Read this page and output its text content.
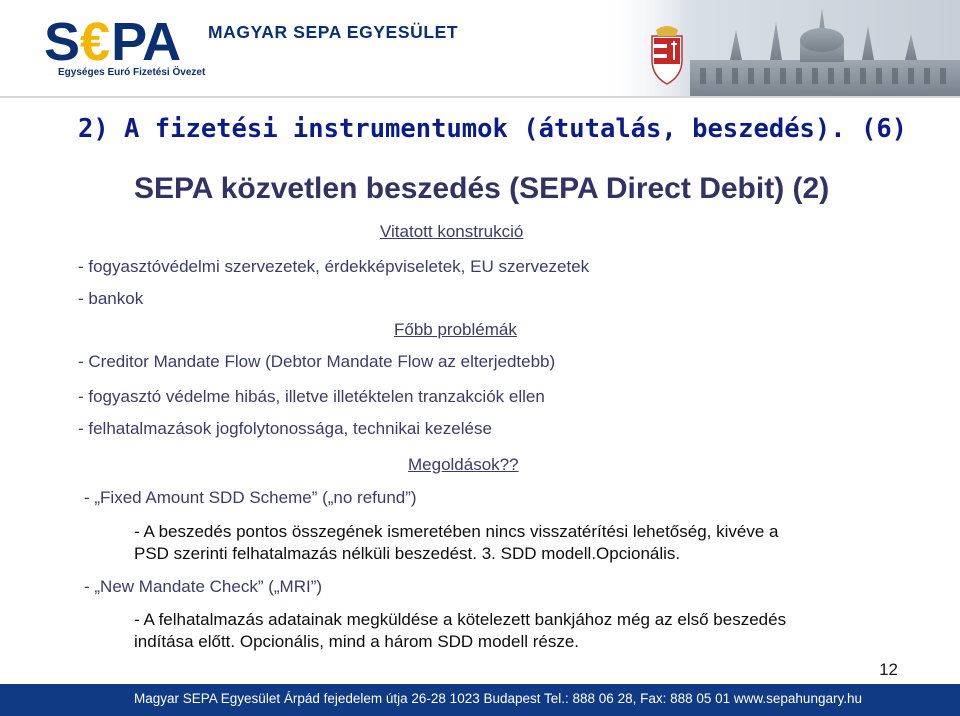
S € PA
Egységes Euró Fizetési Övezet
MAGYAR SEPA EGYESÜLET
2) A fizetési instrumentumok (átutalás, beszedés). (6)
SEPA közvetlen beszedés (SEPA Direct Debit) (2)
Vitatott konstrukció
- fogyasztóvédelmi szervezetek, érdekképviseletek, EU szervezetek
- bankok
Főbb problémák
- Creditor Mandate Flow (Debtor Mandate Flow az elterjedtebb)
- fogyasztó védelme hibás, illetve illetéktelen tranzakciók ellen
- felhatalmazások jogfolytonossága, technikai kezelése
Megoldások??
- „Fixed Amount SDD Scheme” („no refund”)
- A beszedés pontos összegének ismeretében nincs visszatérítési lehetőség, kivéve a
PSD szerinti felhatalmazás nélküli beszedést. 3. SDD modell.Opcionális.
- „New Mandate Check” („MRI”)
- A felhatalmazás adatainak megküldése a kötelezett bankjához még az első beszedés
indítása előtt. Opcionális, mind a három SDD modell része.
12
Magyar SEPA Egyesület Árpád fejedelem útja 26-28 1023 Budapest Tel.: 888 06 28, Fax: 888 05 01 www.sepahungary.hu
